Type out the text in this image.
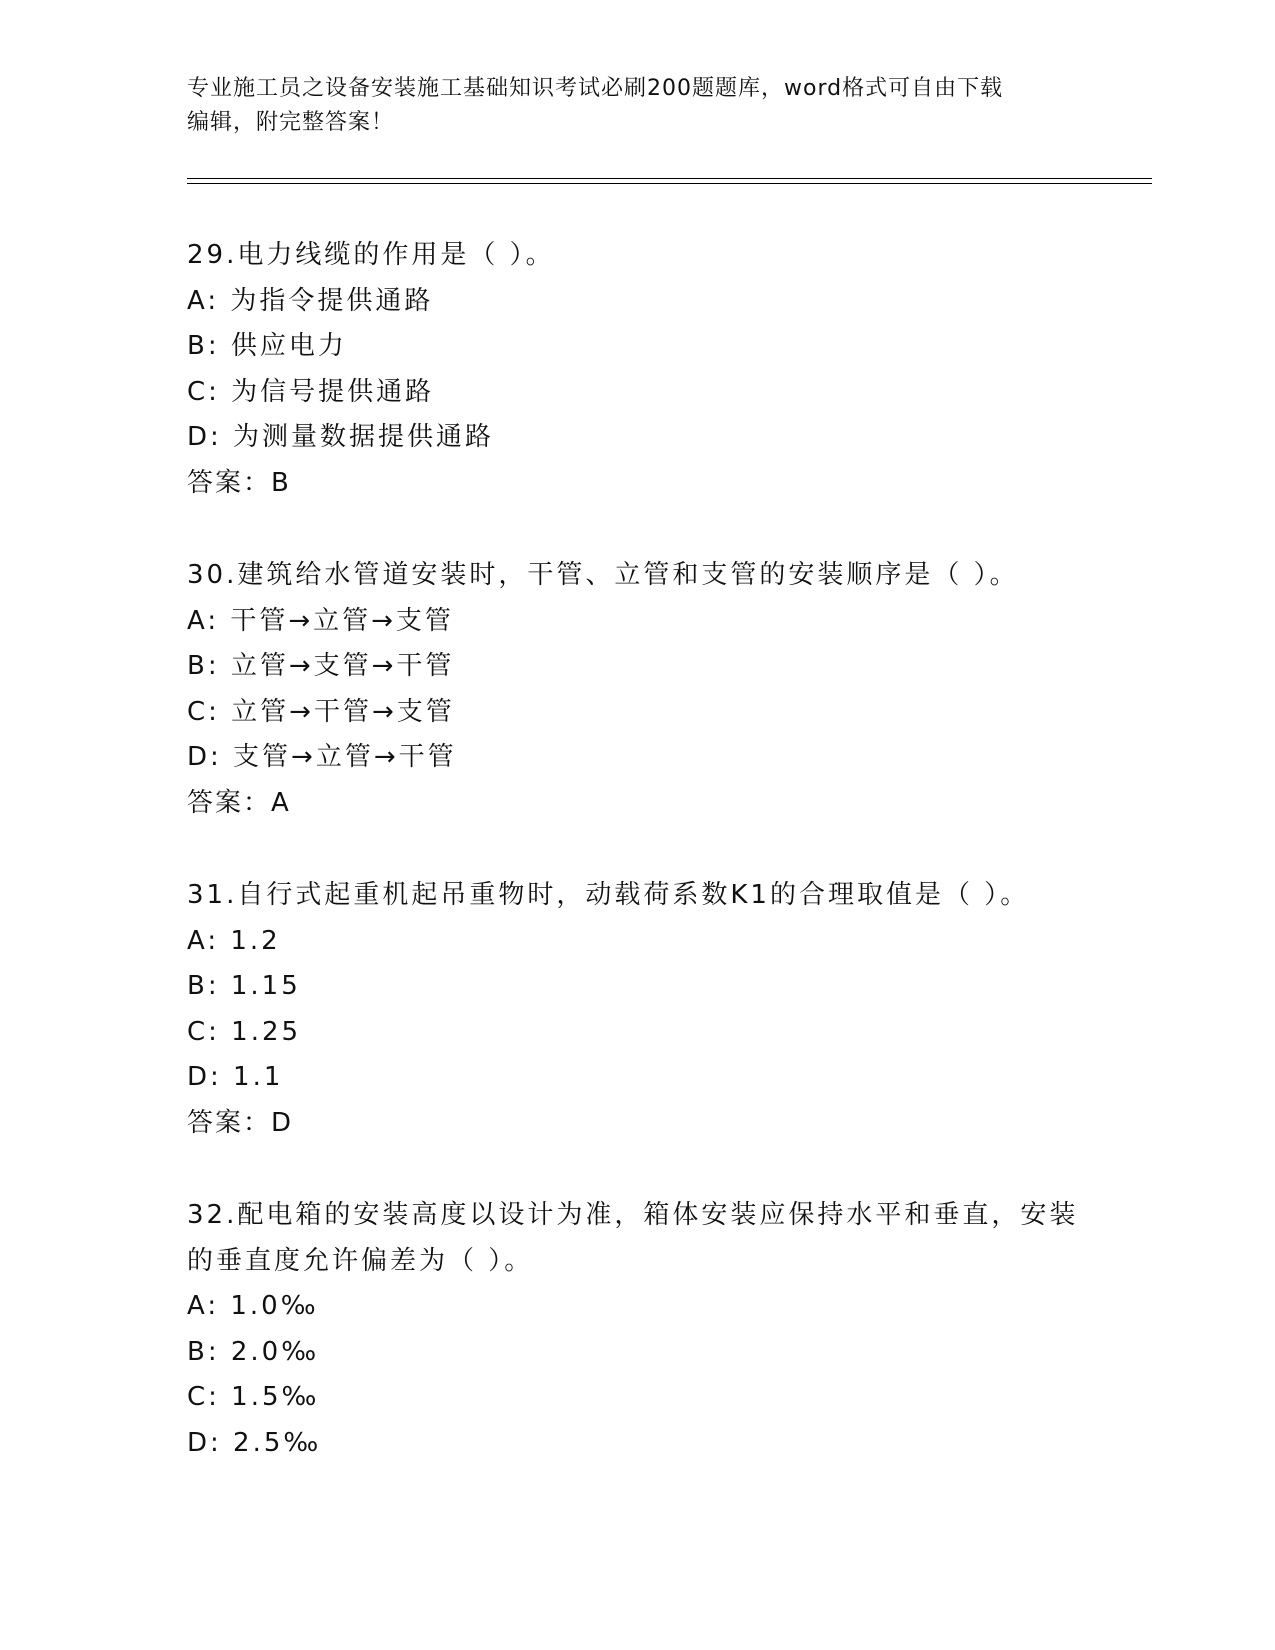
专业施工员之设备安装施工基础知识考试必刷200题题库，word格式可自由下载
编辑，附完整答案！
29.电力线缆的作用是（ ）。
A: 为指令提供通路
B: 供应电力
C: 为信号提供通路
D: 为测量数据提供通路
答案：B
30.建筑给水管道安装时，干管、立管和支管的安装顺序是（ ）。
A: 干管→立管→支管
B: 立管→支管→干管
C: 立管→干管→支管
D: 支管→立管→干管
答案：A
31.自行式起重机起吊重物时，动载荷系数K1的合理取值是（ ）。
A: 1.2
B: 1.15
C: 1.25
D: 1.1
答案：D
32.配电箱的安装高度以设计为准，箱体安装应保持水平和垂直，安装
的垂直度允许偏差为（ ）。
A: 1.0‰
B: 2.0‰
C: 1.5‰
D: 2.5‰
